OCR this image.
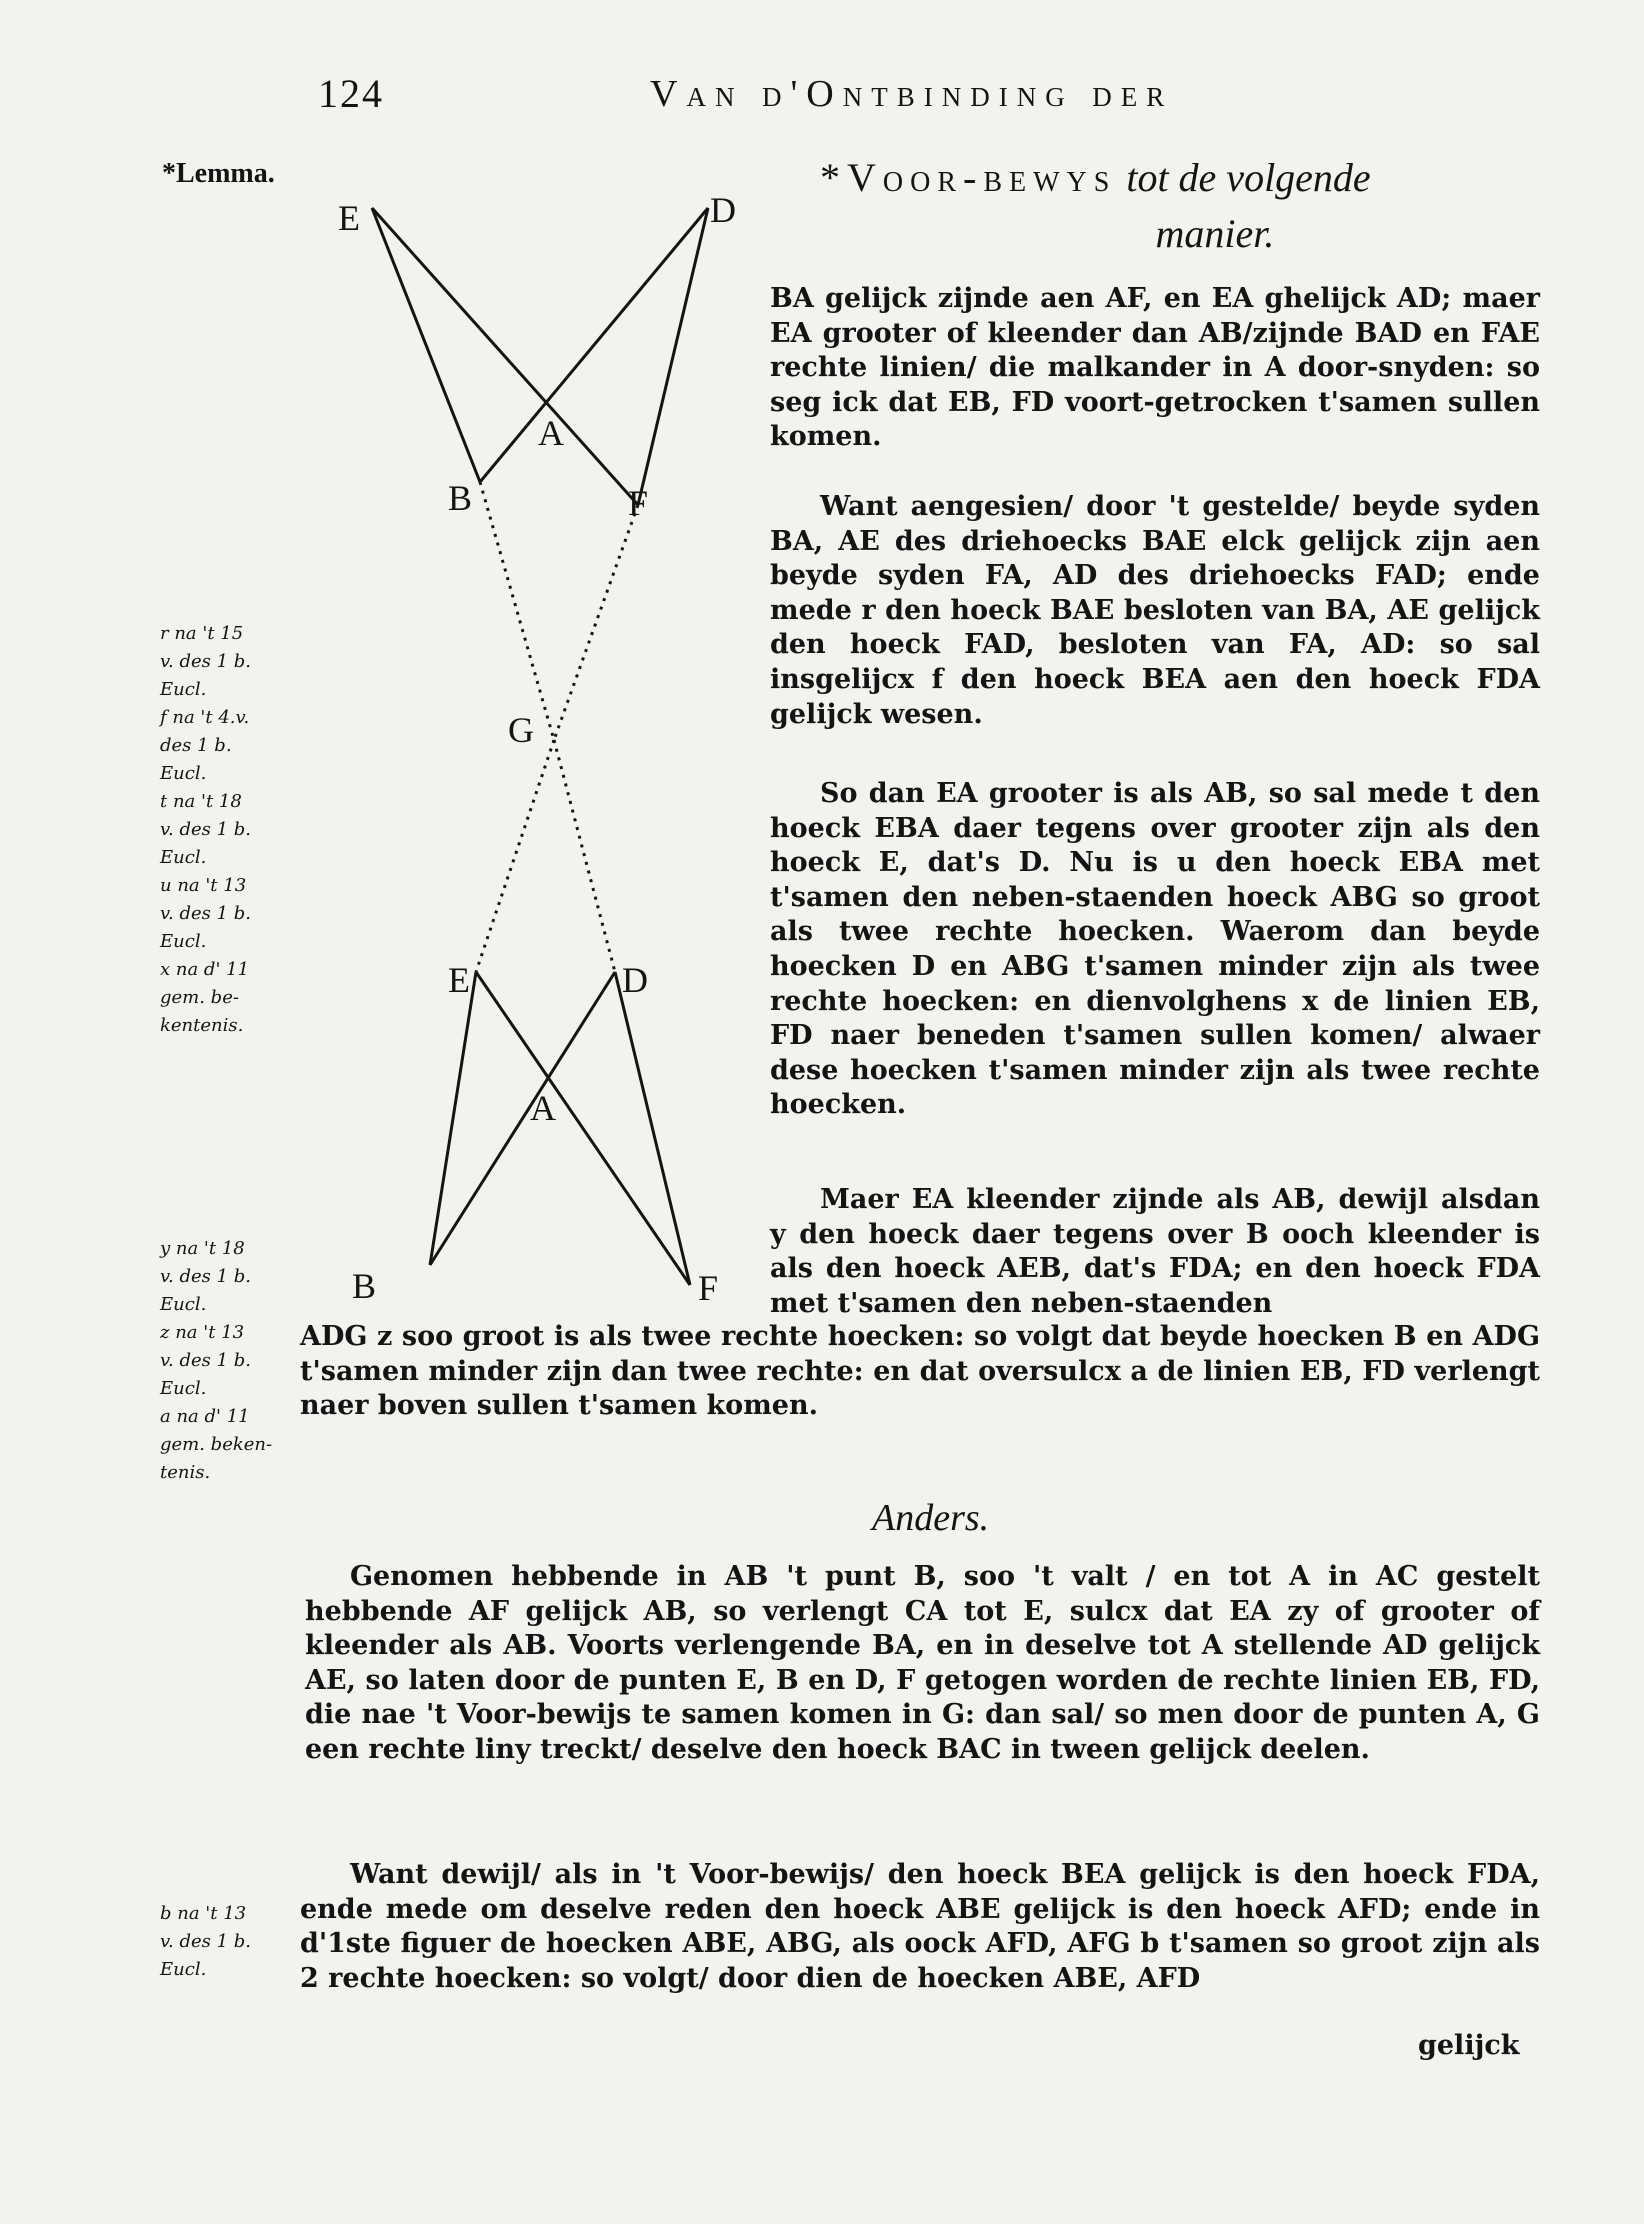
124	Van d'Ontbinding der
*Lemma.	*Voor-bewys tot de volgende
manier.
E	D
A
B	F
G
E	D
A
B	F

r na 't 15
v. des 1 b.
Eucl.
f na 't 4.v.
des 1 b.
Eucl.
t na 't 18
v. des 1 b.
Eucl.
u na 't 13
v. des 1 b.
Eucl.
x na d' 11
gem. be-
kentenis.

y na 't 18
v. des 1 b.
Eucl.
z na 't 13
v. des 1 b.
Eucl.
a na d' 11
gem. beken-
tenis.

b na 't 13
v. des 1 b.
Eucl.

BA gelijck zijnde aen AF, en EA ghelijck AD; maer EA grooter of kleender dan AB/zijnde BAD en FAE rechte linien/ die malkander in A door-snyden: so seg ick dat EB, FD voort-getrocken t'samen sullen komen.

Want aengesien/ door 't gestelde/ beyde syden BA, AE des driehoecks BAE elck gelijck zijn aen beyde syden FA, AD des driehoecks FAD; ende mede r den hoeck BAE besloten van BA, AE gelijck den hoeck FAD, besloten van FA, AD: so sal insgelijcx f den hoeck BEA aen den hoeck FDA gelijck wesen.

So dan EA grooter is als AB, so sal mede t den hoeck EBA daer tegens over grooter zijn als den hoeck E, dat's D. Nu is u den hoeck EBA met t'samen den neben-staenden hoeck ABG so groot als twee rechte hoecken. Waerom dan beyde hoecken D en ABG t'samen minder zijn als twee rechte hoecken: en dienvolghens x de linien EB, FD naer beneden t'samen sullen komen/ alwaer dese hoecken t'samen minder zijn als twee rechte hoecken.

Maer EA kleender zijnde als AB, dewijl alsdan y den hoeck daer tegens over B ooch kleender is als den hoeck AEB, dat's FDA; en den hoeck FDA met t'samen den neben-staenden

ADG z soo groot is als twee rechte hoecken: so volgt dat beyde hoecken B en ADG t'samen minder zijn dan twee rechte: en dat oversulcx a de linien EB, FD verlengt naer boven sullen t'samen komen.

Anders.

Genomen hebbende in AB 't punt B, soo 't valt / en tot A in AC gestelt hebbende AF gelijck AB, so verlengt CA tot E, sulcx dat EA zy of grooter of kleender als AB. Voorts verlengende BA, en in deselve tot A stellende AD gelijck AE, so laten door de punten E, B en D, F getogen worden de rechte linien EB, FD, die nae 't Voor-bewijs te samen komen in G: dan sal/ so men door de punten A, G een rechte liny treckt/ deselve den hoeck BAC in tween gelijck deelen.

Want dewijl/ als in 't Voor-bewijs/ den hoeck BEA gelijck is den hoeck FDA, ende mede om deselve reden den hoeck ABE gelijck is den hoeck AFD; ende in d'1ste figuer de hoecken ABE, ABG, als oock AFD, AFG b t'samen so groot zijn als 2 rechte hoecken: so volgt/ door dien de hoecken ABE, AFD

gelijck
